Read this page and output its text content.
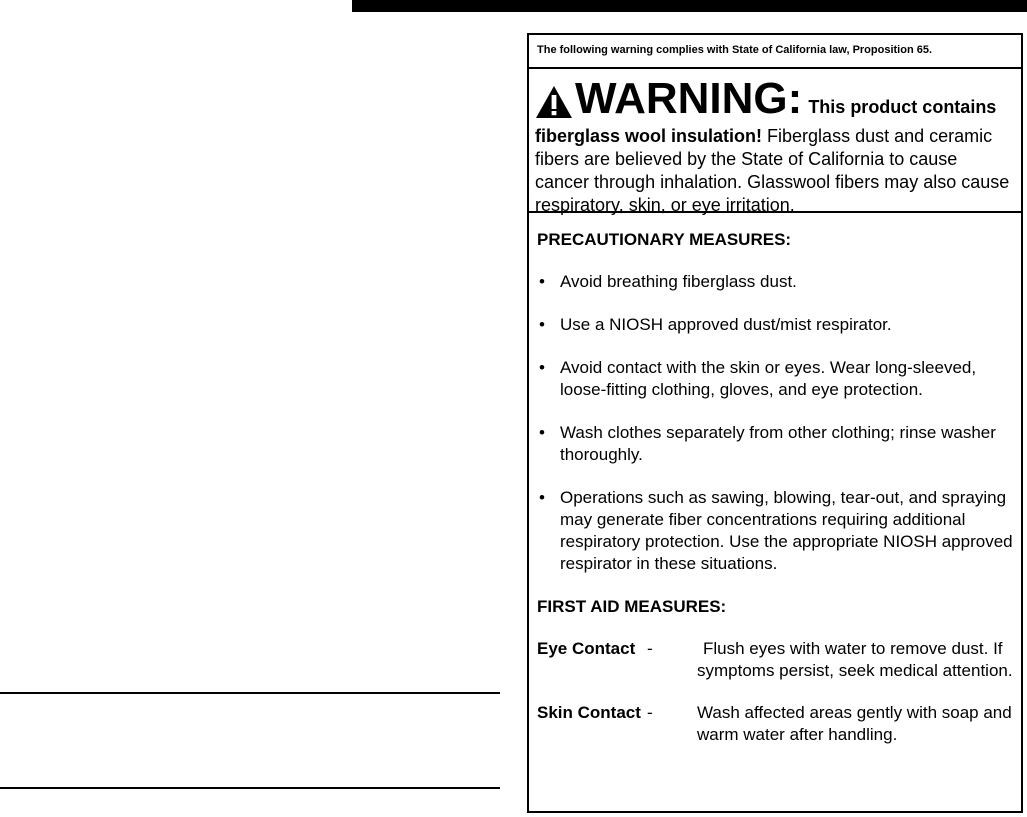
The following warning complies with State of California law, Proposition 65.
WARNING: This product contains
fiberglass wool insulation! Fiberglass dust and ceramic fibers are believed by the State of California to cause cancer through inhalation. Glasswool fibers may also cause respiratory, skin, or eye irritation.
PRECAUTIONARY MEASURES:
• Avoid breathing fiberglass dust.
• Use a NIOSH approved dust/mist respirator.
• Avoid contact with the skin or eyes. Wear long-sleeved, loose-fitting clothing, gloves, and eye protection.
• Wash clothes separately from other clothing; rinse washer thoroughly.
• Operations such as sawing, blowing, tear-out, and spraying may generate fiber concentrations requiring additional respiratory protection. Use the appropriate NIOSH approved respirator in these situations.
FIRST AID MEASURES:
Eye Contact -	Flush eyes with water to remove dust. If symptoms persist, seek medical attention.
Skin Contact -	Wash affected areas gently with soap and warm water after handling.
